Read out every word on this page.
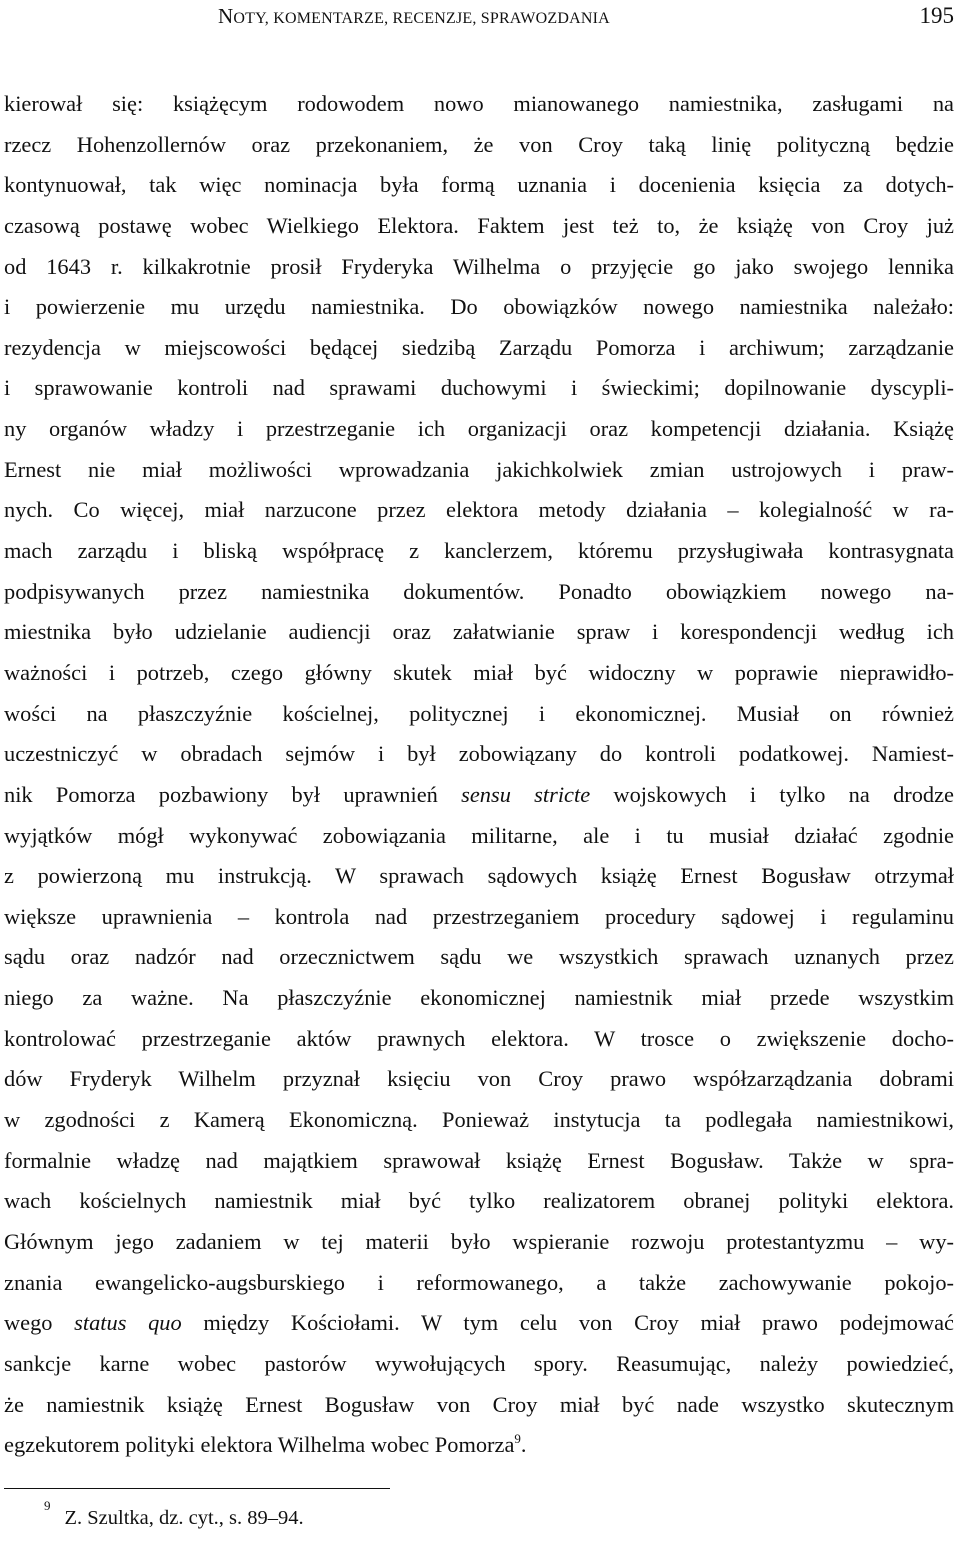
NOTY, KOMENTARZE, RECENZJE, SPRAWOZDANIA	195
kierował się: książęcym rodowodem nowo mianowanego namiestnika, zasługami na
rzecz Hohenzollernów oraz przekonaniem, że von Croy taką linię polityczną będzie
kontynuował, tak więc nominacja była formą uznania i docenienia księcia za dotych-
czasową postawę wobec Wielkiego Elektora. Faktem jest też to, że książę von Croy już
od 1643 r. kilkakrotnie prosił Fryderyka Wilhelma o przyjęcie go jako swojego lennika
i powierzenie mu urzędu namiestnika. Do obowiązków nowego namiestnika należało:
rezydencja w miejscowości będącej siedzibą Zarządu Pomorza i archiwum; zarządzanie
i sprawowanie kontroli nad sprawami duchowymi i świeckimi; dopilnowanie dyscypli-
ny organów władzy i przestrzeganie ich organizacji oraz kompetencji działania. Książę
Ernest nie miał możliwości wprowadzania jakichkolwiek zmian ustrojowych i praw-
nych. Co więcej, miał narzucone przez elektora metody działania – kolegialność w ra-
mach zarządu i bliską współpracę z kanclerzem, któremu przysługiwała kontrasygnata
podpisywanych przez namiestnika dokumentów. Ponadto obowiązkiem nowego na-
miestnika było udzielanie audiencji oraz załatwianie spraw i korespondencji według ich
ważności i potrzeb, czego główny skutek miał być widoczny w poprawie nieprawidło-
wości na płaszczyźnie kościelnej, politycznej i ekonomicznej. Musiał on również
uczestniczyć w obradach sejmów i był zobowiązany do kontroli podatkowej. Namiest-
nik Pomorza pozbawiony był uprawnień sensu stricte wojskowych i tylko na drodze
wyjątków mógł wykonywać zobowiązania militarne, ale i tu musiał działać zgodnie
z powierzoną mu instrukcją. W sprawach sądowych książę Ernest Bogusław otrzymał
większe uprawnienia – kontrola nad przestrzeganiem procedury sądowej i regulaminu
sądu oraz nadzór nad orzecznictwem sądu we wszystkich sprawach uznanych przez
niego za ważne. Na płaszczyźnie ekonomicznej namiestnik miał przede wszystkim
kontrolować przestrzeganie aktów prawnych elektora. W trosce o zwiększenie docho-
dów Fryderyk Wilhelm przyznał księciu von Croy prawo współzarządzania dobrami
w zgodności z Kamerą Ekonomiczną. Ponieważ instytucja ta podlegała namiestnikowi,
formalnie władzę nad majątkiem sprawował książę Ernest Bogusław. Także w spra-
wach kościelnych namiestnik miał być tylko realizatorem obranej polityki elektora.
Głównym jego zadaniem w tej materii było wspieranie rozwoju protestantyzmu – wy-
znania ewangelicko-augsburskiego i reformowanego, a także zachowywanie pokojo-
wego status quo między Kościołami. W tym celu von Croy miał prawo podejmować
sankcje karne wobec pastorów wywołujących spory. Reasumując, należy powiedzieć,
że namiestnik książę Ernest Bogusław von Croy miał być nade wszystko skutecznym
egzekutorem polityki elektora Wilhelma wobec Pomorza$^9$.
$^9$Z. Szultka, dz. cyt., s. 89–94.
